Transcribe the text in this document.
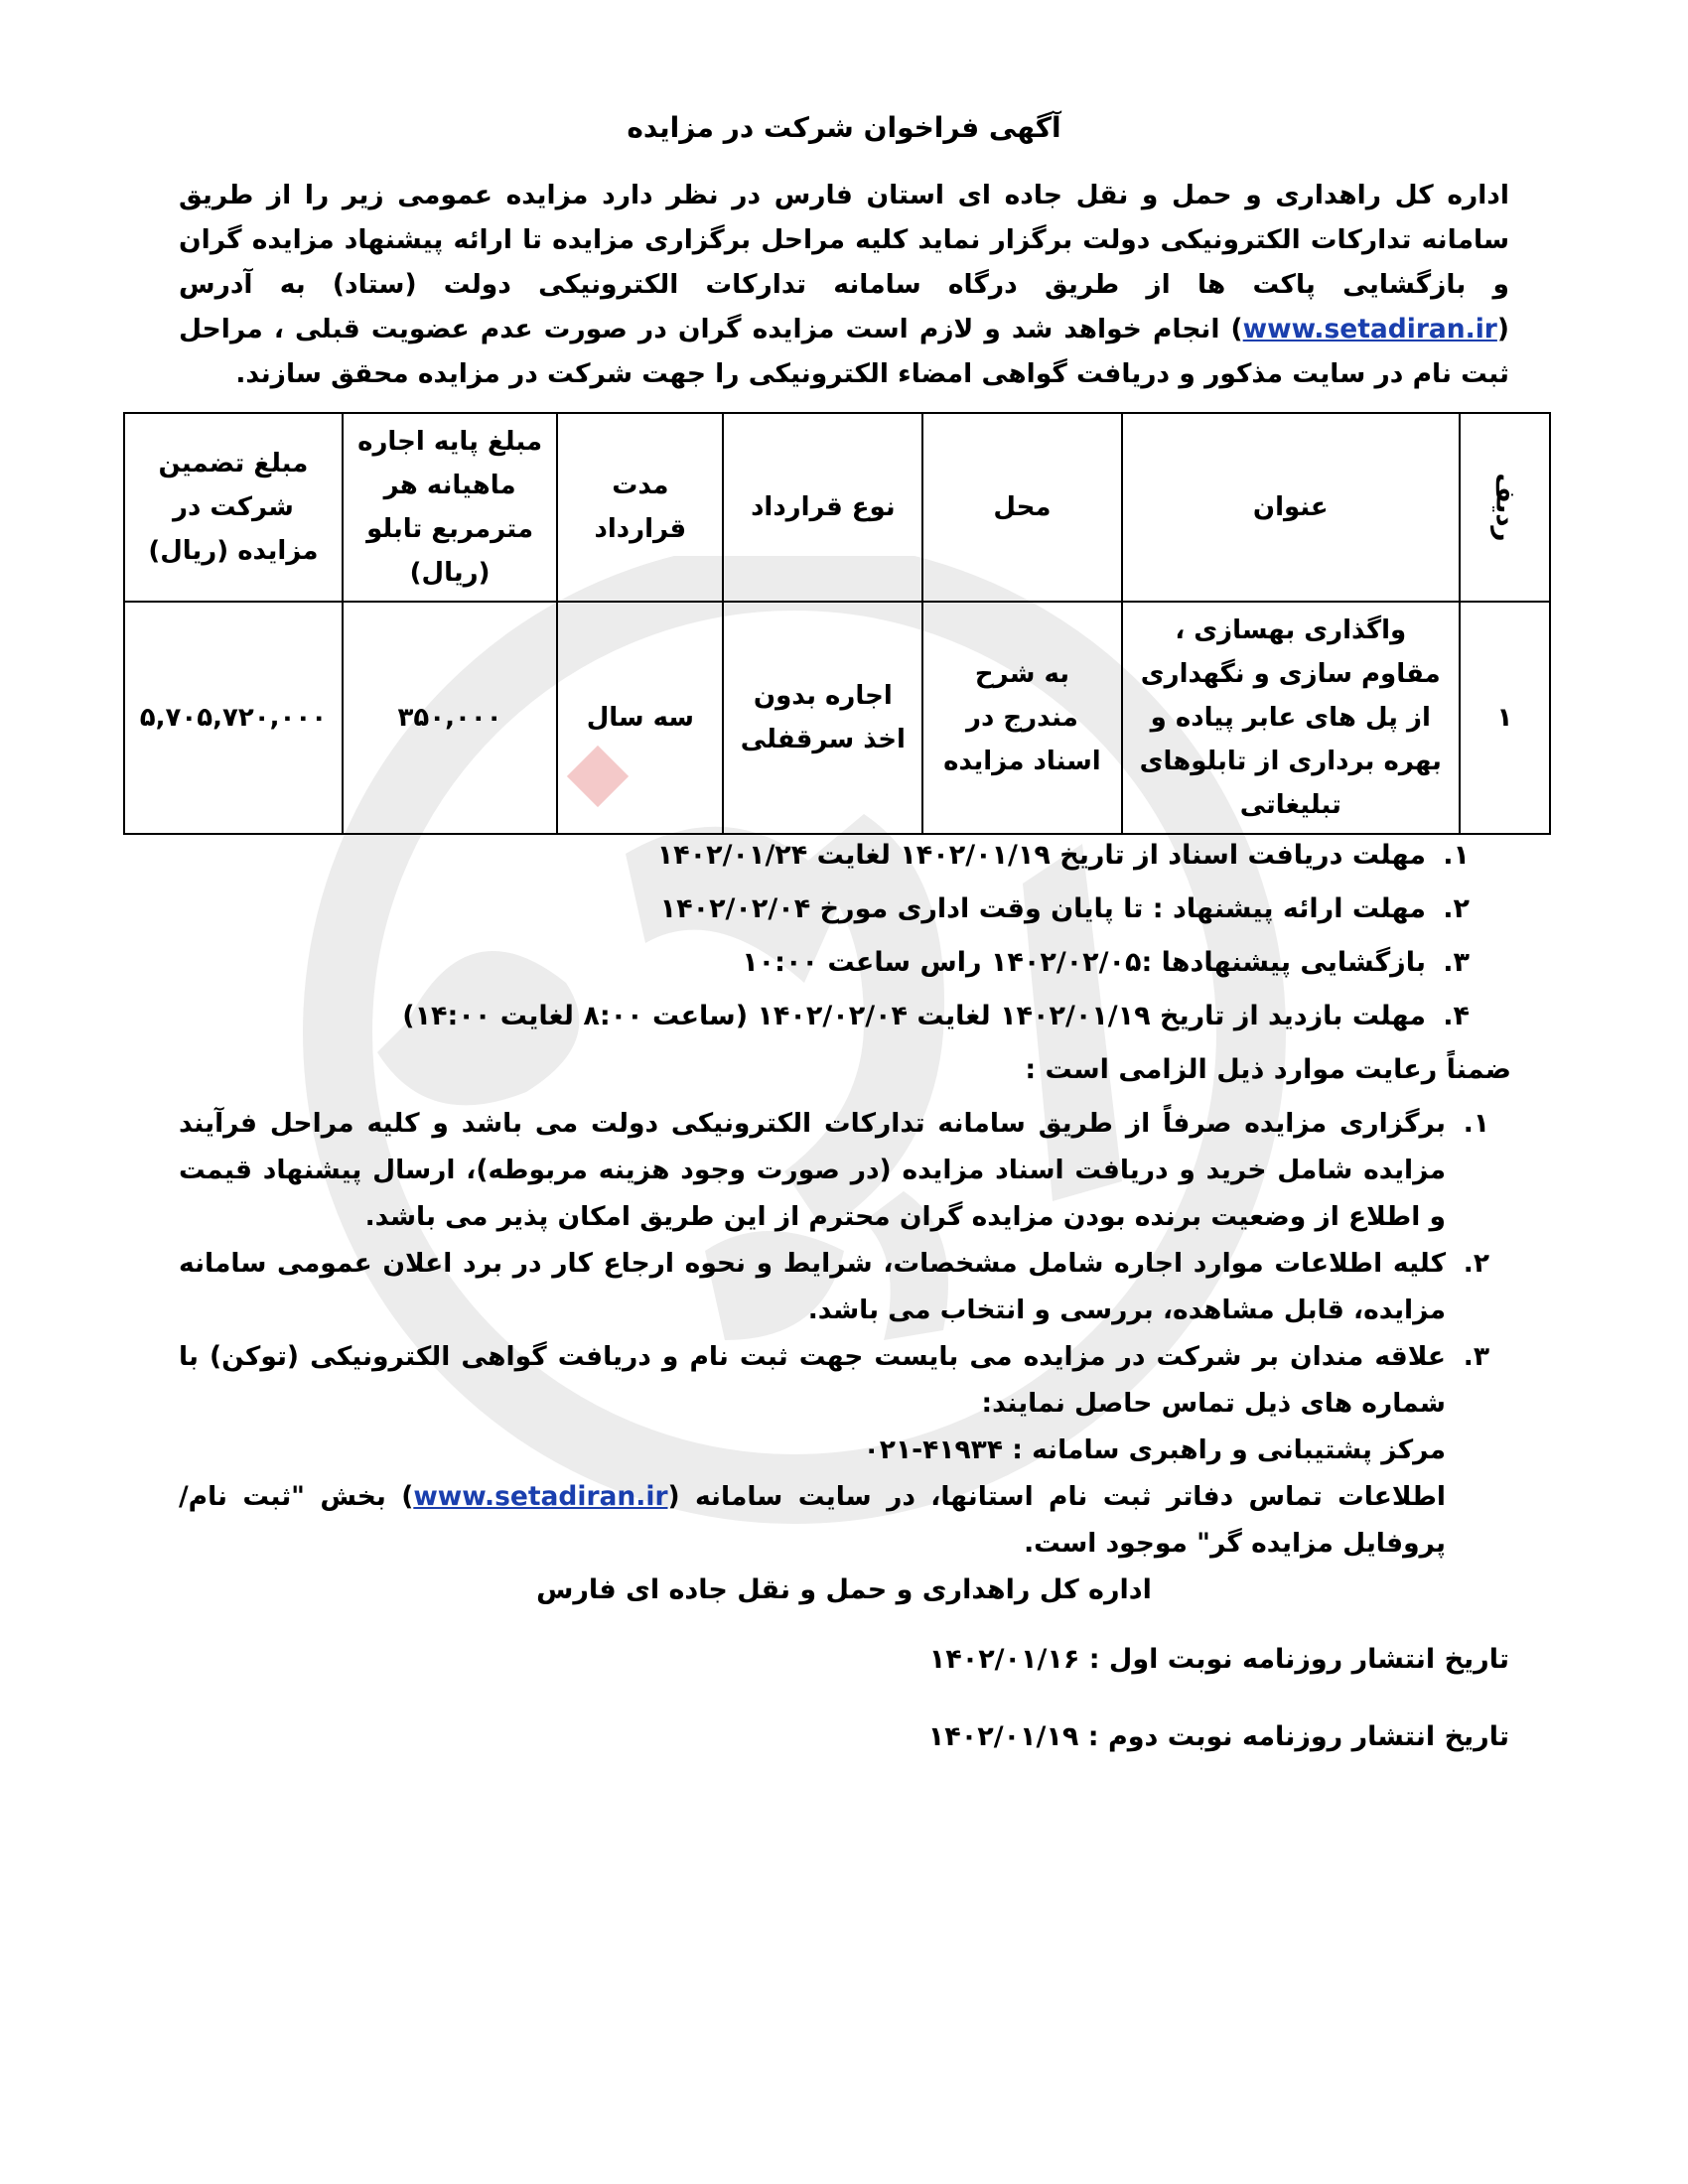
آگهی فراخوان شرکت در مزایده
اداره کل راهداری و حمل و نقل جاده ای استان فارس در نظر دارد مزایده عمومی زیر را از طریق سامانه تدارکات الکترونیکی دولت برگزار نماید کلیه مراحل برگزاری مزایده تا ارائه پیشنهاد مزایده گران و بازگشایی پاکت ها از طریق درگاه سامانه تدارکات الکترونیکی دولت (ستاد) به آدرس (www.setadiran.ir) انجام خواهد شد و لازم است مزایده گران در صورت عدم عضویت قبلی ، مراحل ثبت نام در سایت مذکور و دریافت گواهی امضاء الکترونیکی را جهت شرکت در مزایده محقق سازند.
ردیف	عنوان	محل	نوع قرارداد	مدت قرارداد	مبلغ پایه اجاره ماهیانه هر مترمربع تابلو (ریال)	مبلغ تضمین شرکت در مزایده (ریال)
۱	واگذاری بهسازی ، مقاوم سازی و نگهداری از پل های عابر پیاده و بهره برداری از تابلوهای تبلیغاتی	به شرح مندرج در اسناد مزایده	اجاره بدون اخذ سرقفلی	سه سال	۳۵۰,۰۰۰	۵,۷۰۵,۷۲۰,۰۰۰
۱.
مهلت دریافت اسناد از تاریخ ۱۴۰۲/۰۱/۱۹ لغایت ۱۴۰۲/۰۱/۲۴
۲.
مهلت ارائه پیشنهاد : تا پایان وقت اداری مورخ ۱۴۰۲/۰۲/۰۴
۳.
بازگشایی پیشنهادها :۱۴۰۲/۰۲/۰۵ راس ساعت ۱۰:۰۰
۴.
مهلت بازدید از تاریخ ۱۴۰۲/۰۱/۱۹ لغایت ۱۴۰۲/۰۲/۰۴ (ساعت ۸:۰۰ لغایت ۱۴:۰۰)
ضمناً رعایت موارد ذیل الزامی است :
۱.
برگزاری مزایده صرفاً از طریق سامانه تدارکات الکترونیکی دولت می باشد و کلیه مراحل فرآیند مزایده شامل خرید و دریافت اسناد مزایده (در صورت وجود هزینه مربوطه)، ارسال پیشنهاد قیمت و اطلاع از وضعیت برنده بودن مزایده گران محترم از این طریق امکان پذیر می باشد.
۲.
کلیه اطلاعات موارد اجاره شامل مشخصات، شرایط و نحوه ارجاع کار در برد اعلان عمومی سامانه مزایده، قابل مشاهده، بررسی و انتخاب می باشد.
۳.
علاقه مندان بر شرکت در مزایده می بایست جهت ثبت نام و دریافت گواهی الکترونیکی (توکن) با شماره های ذیل تماس حاصل نمایند:
مرکز پشتیبانی و راهبری سامانه : ۴۱۹۳۴-۰۲۱
اطلاعات تماس دفاتر ثبت نام استانها، در سایت سامانه (www.setadiran.ir) بخش "ثبت نام/پروفایل مزایده گر" موجود است.
اداره کل راهداری و حمل و نقل جاده ای فارس
تاریخ انتشار روزنامه نوبت اول : ۱۴۰۲/۰۱/۱۶
تاریخ انتشار روزنامه نوبت دوم : ۱۴۰۲/۰۱/۱۹
